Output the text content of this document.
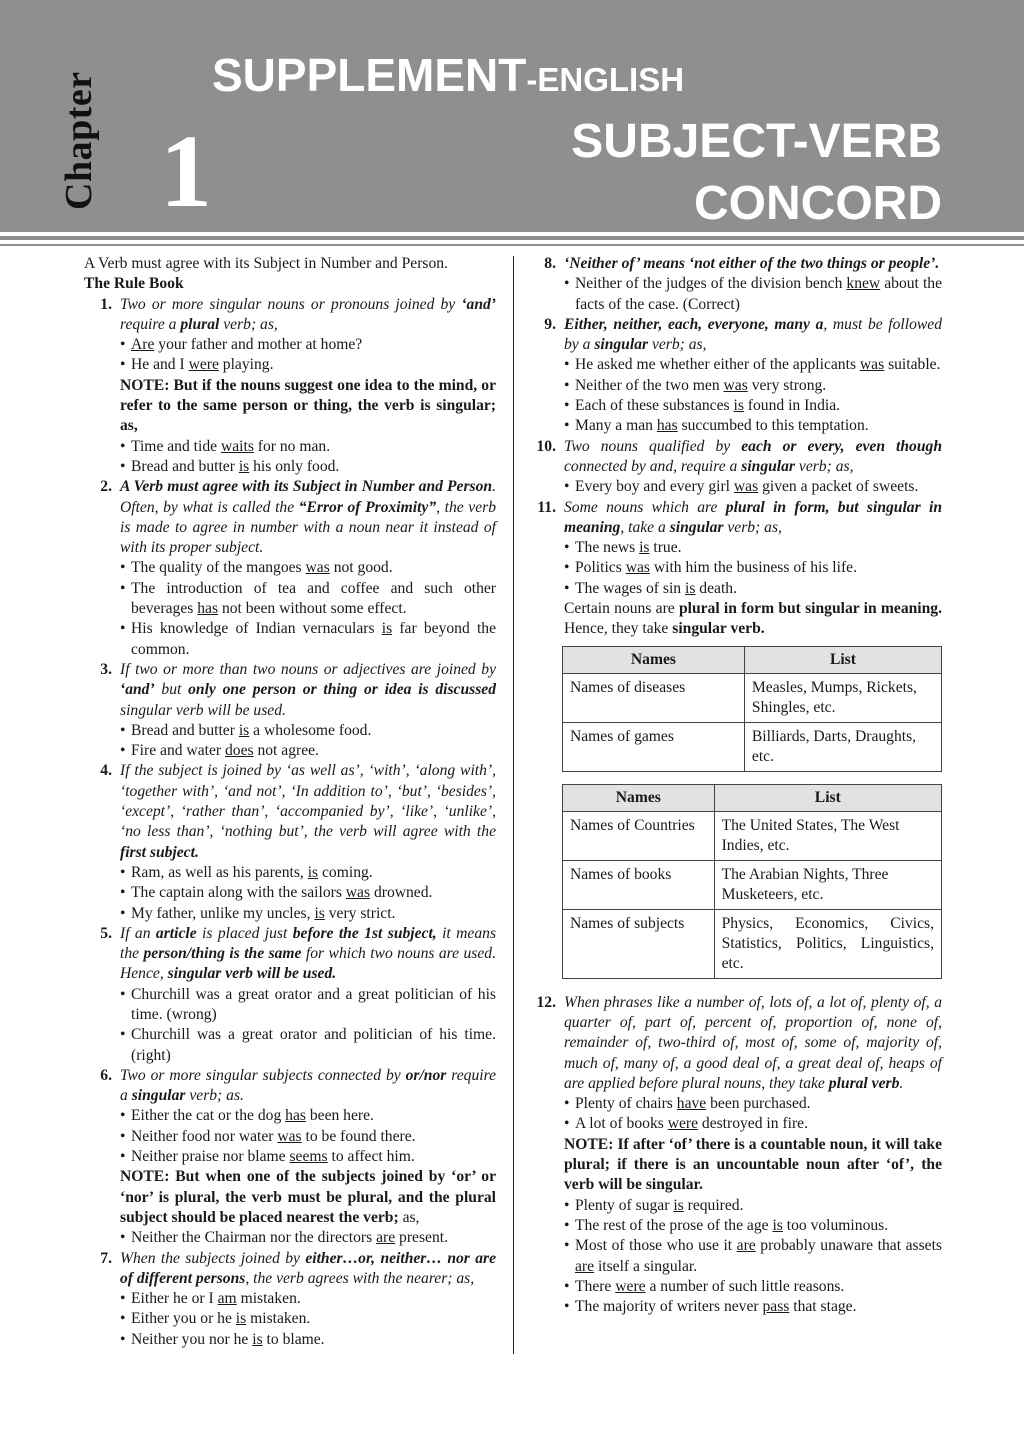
Chapter 1
SUPPLEMENT-ENGLISH
SUBJECT-VERB
CONCORD

A Verb must agree with its Subject in Number and Person.

The Rule Book

1. Two or more singular nouns or pronouns joined by ‘and’ require a plural verb; as,

• Are your father and mother at home?

• He and I were playing.

NOTE: But if the nouns suggest one idea to the mind, or refer to the same person or thing, the verb is singular; as,

• Time and tide waits for no man.

• Bread and butter is his only food.

2. A Verb must agree with its Subject in Number and Person. Often, by what is called the “Error of Proximity”, the verb is made to agree in number with a noun near it instead of with its proper subject.

• The quality of the mangoes was not good.

• The introduction of tea and coffee and such other beverages has not been without some effect.

• His knowledge of Indian vernaculars is far beyond the common.

3. If two or more than two nouns or adjectives are joined by ‘and’ but only one person or thing or idea is discussed singular verb will be used.

• Bread and butter is a wholesome food.

• Fire and water does not agree.

4. If the subject is joined by ‘as well as’, ‘with’, ‘along with’, ‘together with’, ‘and not’, ‘In addition to’, ‘but’, ‘besides’, ‘except’, ‘rather than’, ‘accompanied by’, ‘like’, ‘unlike’, ‘no less than’, ‘nothing but’, the verb will agree with the first subject.

• Ram, as well as his parents, is coming.

• The captain along with the sailors was drowned.

• My father, unlike my uncles, is very strict.

5. If an article is placed just before the 1st subject, it means the person/thing is the same for which two nouns are used. Hence, singular verb will be used.

• Churchill was a great orator and a great politician of his time. (wrong)

• Churchill was a great orator and politician of his time. (right)

6. Two or more singular subjects connected by or/nor require a singular verb; as.

• Either the cat or the dog has been here.

• Neither food nor water was to be found there.

• Neither praise nor blame seems to affect him.

NOTE: But when one of the subjects joined by ‘or’ or ‘nor’ is plural, the verb must be plural, and the plural subject should be placed nearest the verb; as,

• Neither the Chairman nor the directors are present.

7. When the subjects joined by either…or, neither… nor are of different persons, the verb agrees with the nearer; as,

• Either he or I am mistaken.

• Either you or he is mistaken.

• Neither you nor he is to blame.

8. ‘Neither of’ means ‘not either of the two things or people’.

• Neither of the judges of the division bench knew about the facts of the case. (Correct)

9. Either, neither, each, everyone, many a, must be followed by a singular verb; as,

• He asked me whether either of the applicants was suitable.

• Neither of the two men was very strong.

• Each of these substances is found in India.

• Many a man has succumbed to this temptation.

10. Two nouns qualified by each or every, even though connected by and, require a singular verb; as,

• Every boy and every girl was given a packet of sweets.

11. Some nouns which are plural in form, but singular in meaning, take a singular verb; as,

• The news is true.

• Politics was with him the business of his life.

• The wages of sin is death.

Certain nouns are plural in form but singular in meaning. Hence, they take singular verb.

Names	List
Names of diseases	Measles, Mumps, Rickets, Shingles, etc.
Names of games	Billiards, Darts, Draughts, etc.
Names	List
Names of Countries	The United States, The West Indies, etc.
Names of books	The Arabian Nights, Three Musketeers, etc.
Names of subjects	Physics, Economics, Civics, Statistics, Politics, Linguistics, etc.
12. When phrases like a number of, lots of, a lot of, plenty of, a quarter of, part of, percent of, proportion of, none of, remainder of, two-third of, most of, some of, majority of, much of, many of, a good deal of, a great deal of, heaps of are applied before plural nouns, they take plural verb.

• Plenty of chairs have been purchased.

• A lot of books were destroyed in fire.

NOTE: If after ‘of’ there is a countable noun, it will take plural; if there is an uncountable noun after ‘of’, the verb will be singular.

• Plenty of sugar is required.

• The rest of the prose of the age is too voluminous.

• Most of those who use it are probably unaware that assets are itself a singular.

• There were a number of such little reasons.

• The majority of writers never pass that stage.
